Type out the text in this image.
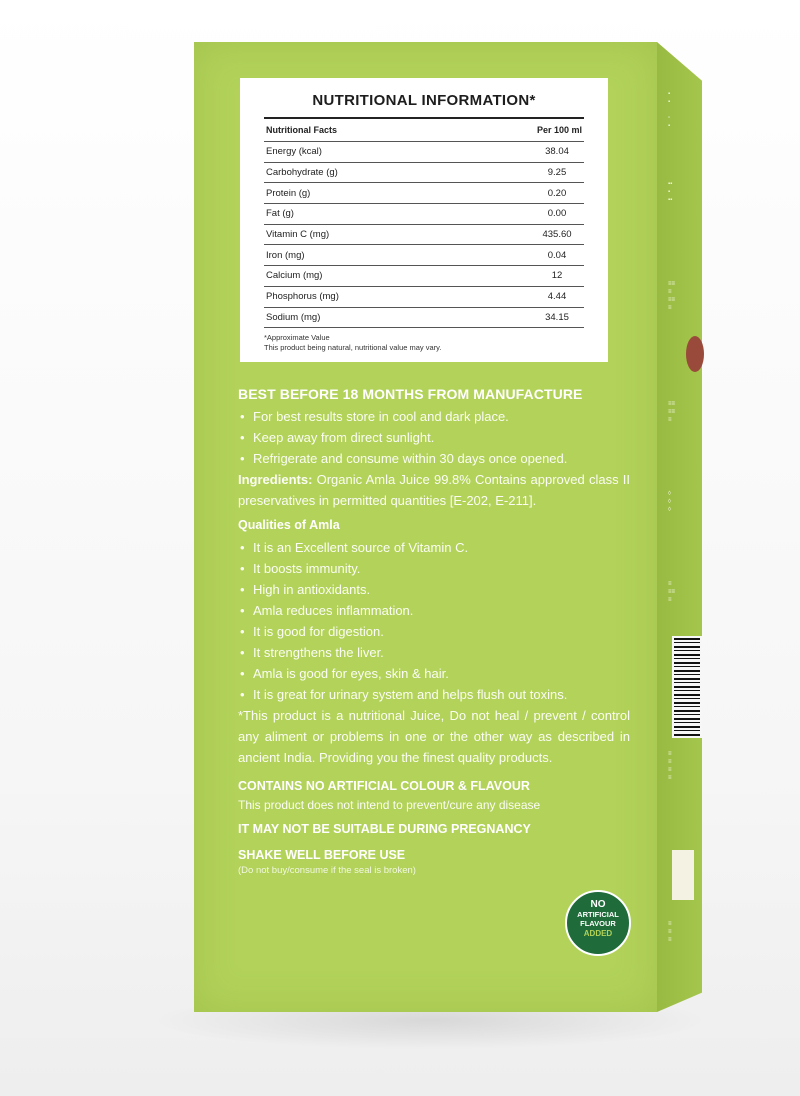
▪
▪

▫
▪
▪▪
▪
▪▪
≡≡
≡
≡≡
≡
≡≡
≡≡
≡
◊
◊
◊
≡
≡≡
≡
≡
≡
≡
≡
≡
≡
≡
NUTRITIONAL INFORMATION*
Nutritional Facts	Per 100 ml
Energy (kcal)	38.04
Carbohydrate (g)	9.25
Protein (g)	0.20
Fat (g)	0.00
Vitamin C (mg)	435.60
Iron (mg)	0.04
Calcium (mg)	12
Phosphorus (mg)	4.44
Sodium (mg)	34.15
*Approximate Value
This product being natural, nutritional value may vary.
BEST BEFORE 18 MONTHS FROM MANUFACTURE
• For best results store in cool and dark place.
• Keep away from direct sunlight.
• Refrigerate and consume within 30 days once opened.
Ingredients: Organic Amla Juice 99.8% Contains approved class II preservatives in permitted quantities [E-202, E-211].
Qualities of Amla
• It is an Excellent source of Vitamin C.
• It boosts immunity.
• High in antioxidants.
• Amla reduces inflammation.
• It is good for digestion.
• It strengthens the liver.
• Amla is good for eyes, skin & hair.
• It is great for urinary system and helps flush out toxins.
*This product is a nutritional Juice, Do not heal / prevent / control any aliment or problems in one or the other way as described in ancient India. Providing you the finest quality products.
CONTAINS NO ARTIFICIAL COLOUR & FLAVOUR
This product does not intend to prevent/cure any disease
IT MAY NOT BE SUITABLE DURING PREGNANCY
SHAKE WELL BEFORE USE
(Do not buy/consume if the seal is broken)
NO
ARTIFICIAL
FLAVOUR
ADDED
